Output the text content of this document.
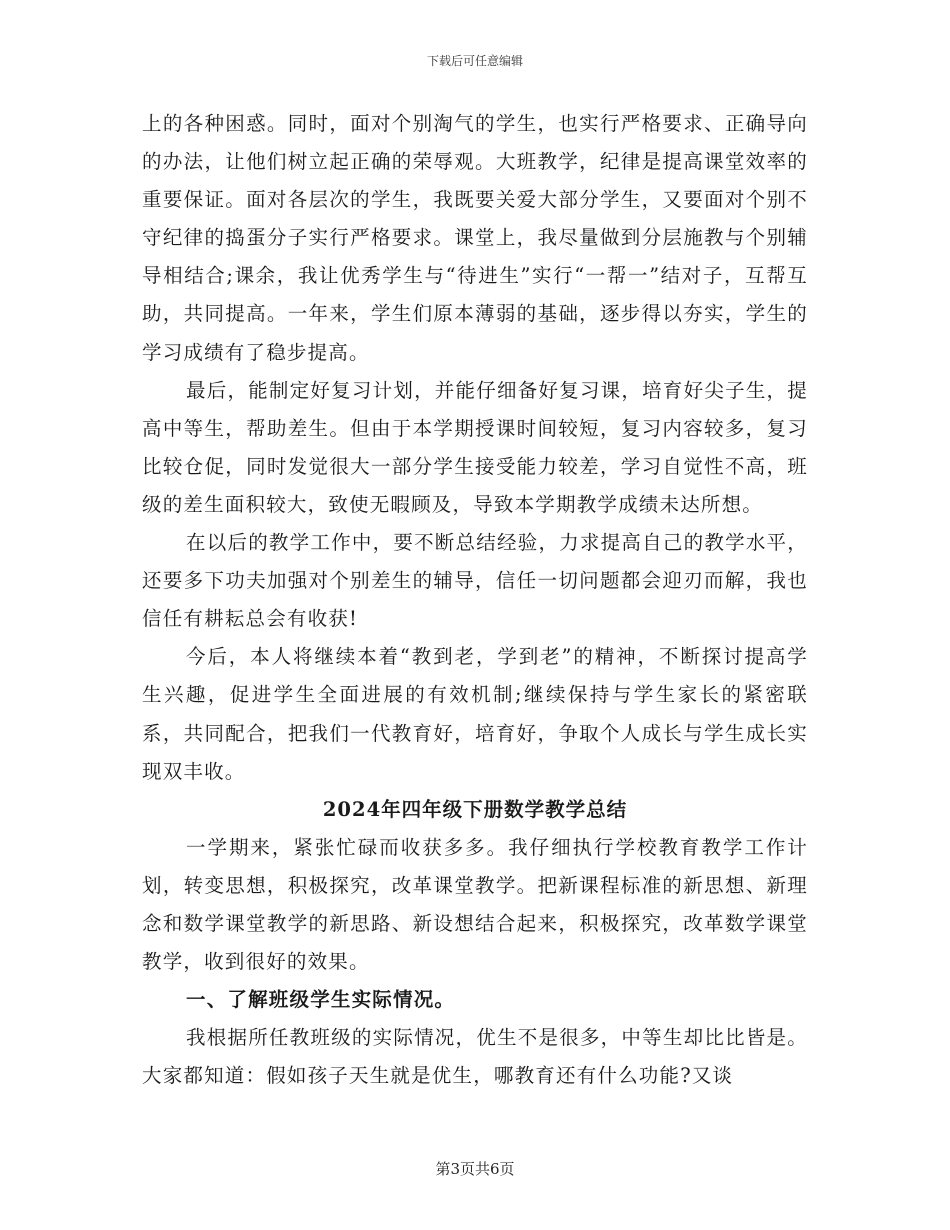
下载后可任意编辑

上的各种困惑。同时，面对个别淘气的学生，也实行严格要求、正确导向的办法，让他们树立起正确的荣辱观。大班教学，纪律是提高课堂效率的重要保证。面对各层次的学生，我既要关爱大部分学生，又要面对个别不守纪律的捣蛋分子实行严格要求。课堂上，我尽量做到分层施教与个别辅导相结合;课余，我让优秀学生与“待进生”实行“一帮一”结对子，互帮互助，共同提高。一年来，学生们原本薄弱的基础，逐步得以夯实，学生的学习成绩有了稳步提高。

最后，能制定好复习计划，并能仔细备好复习课，培育好尖子生，提高中等生，帮助差生。但由于本学期授课时间较短，复习内容较多，复习比较仓促，同时发觉很大一部分学生接受能力较差，学习自觉性不高，班级的差生面积较大，致使无暇顾及，导致本学期教学成绩未达所想。

在以后的教学工作中，要不断总结经验，力求提高自己的教学水平，还要多下功夫加强对个别差生的辅导，信任一切问题都会迎刃而解，我也信任有耕耘总会有收获!

今后，本人将继续本着“教到老，学到老”的精神，不断探讨提高学生兴趣，促进学生全面进展的有效机制;继续保持与学生家长的紧密联系，共同配合，把我们一代教育好，培育好，争取个人成长与学生成长实现双丰收。

2024年四年级下册数学教学总结

一学期来，紧张忙碌而收获多多。我仔细执行学校教育教学工作计划，转变思想，积极探究，改革课堂教学。把新课程标准的新思想、新理念和数学课堂教学的新思路、新设想结合起来，积极探究，改革数学课堂教学，收到很好的效果。

一、了解班级学生实际情况。

我根据所任教班级的实际情况，优生不是很多，中等生却比比皆是。大家都知道：假如孩子天生就是优生，哪教育还有什么功能?又谈

第3页共6页
